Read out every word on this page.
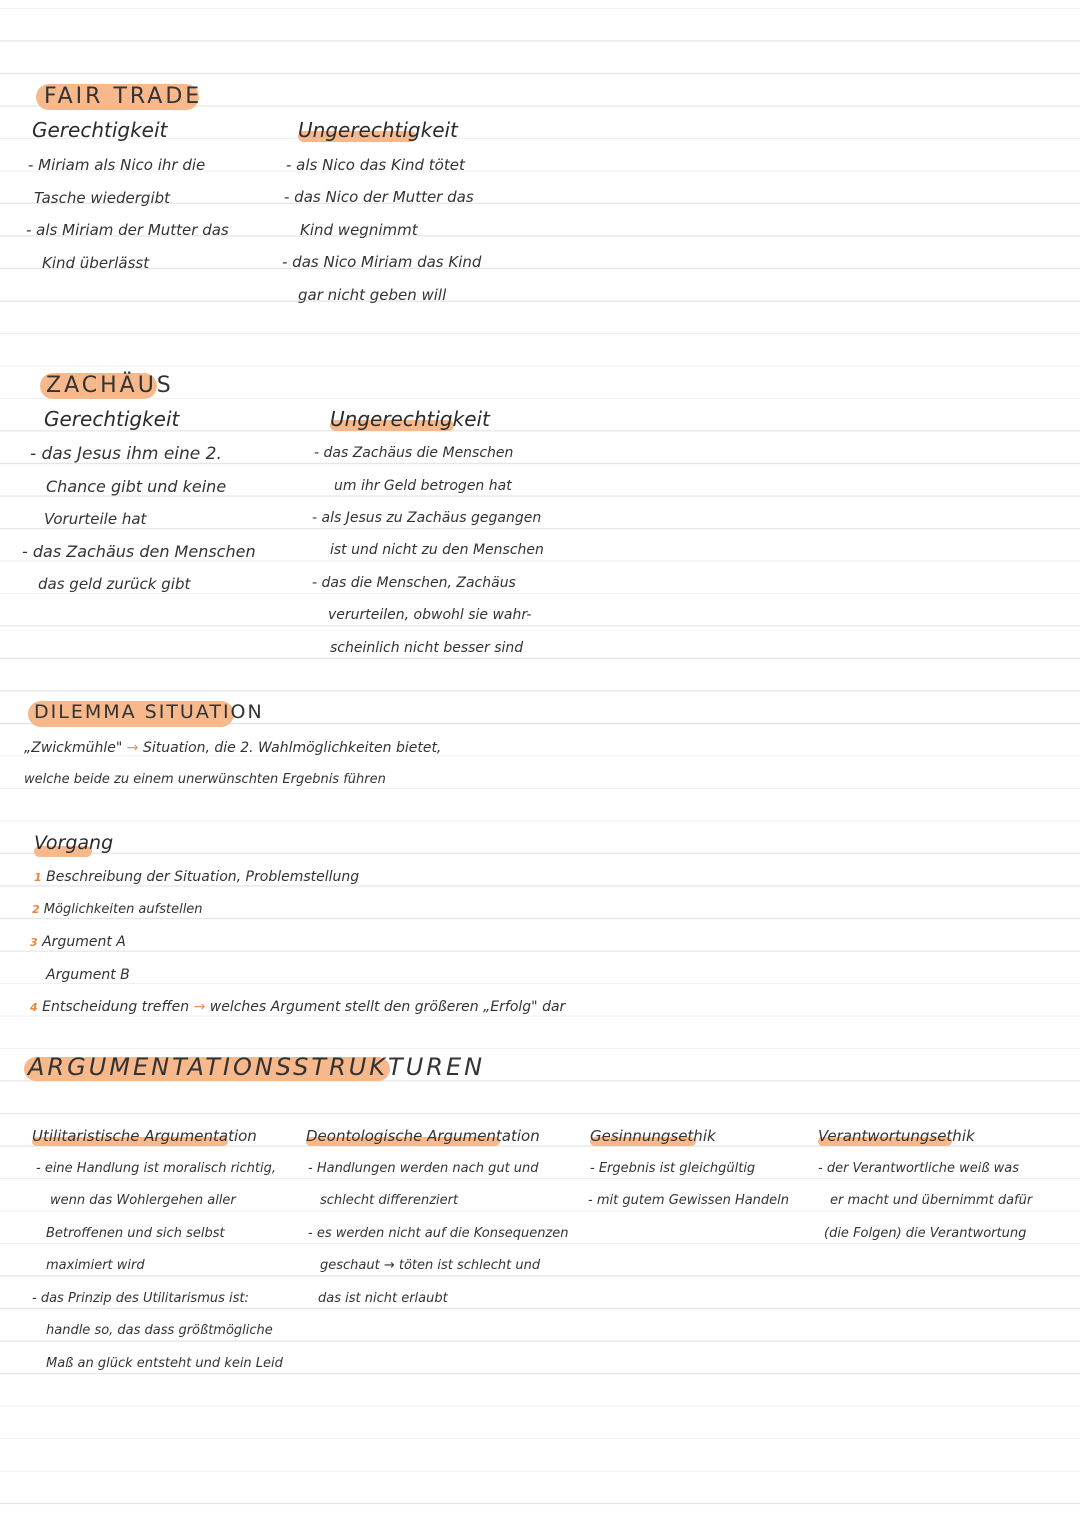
FAIR TRADE
Gerechtigkeit
- Miriam als Nico ihr die
Tasche wiedergibt
- als Miriam der Mutter das
Kind überlässt
Ungerechtigkeit
- als Nico das Kind tötet
- das Nico der Mutter das
Kind wegnimmt
- das Nico Miriam das Kind
gar nicht geben will
ZACHÄUS
Gerechtigkeit
- das Jesus ihm eine 2.
Chance gibt und keine
Vorurteile hat
- das Zachäus den Menschen
das geld zurück gibt
Ungerechtigkeit
- das Zachäus die Menschen
um ihr Geld betrogen hat
- als Jesus zu Zachäus gegangen
ist und nicht zu den Menschen
- das die Menschen, Zachäus
verurteilen, obwohl sie wahr-
scheinlich nicht besser sind
DILEMMA SITUATION
„Zwickmühle" → Situation, die 2. Wahlmöglichkeiten bietet,
welche beide zu einem unerwünschten Ergebnis führen
Vorgang
1 Beschreibung der Situation, Problemstellung
2 Möglichkeiten aufstellen
3 Argument A
Argument B
4 Entscheidung treffen → welches Argument stellt den größeren „Erfolg" dar
ARGUMENTATIONSSTRUKTUREN
Utilitaristische Argumentation
- eine Handlung ist moralisch richtig,
wenn das Wohlergehen aller
Betroffenen und sich selbst
maximiert wird
- das Prinzip des Utilitarismus ist:
handle so, das dass größtmögliche
Maß an glück entsteht und kein Leid
Deontologische Argumentation
- Handlungen werden nach gut und
schlecht differenziert
- es werden nicht auf die Konsequenzen
geschaut → töten ist schlecht und
das ist nicht erlaubt
Gesinnungsethik
- Ergebnis ist gleichgültig
- mit gutem Gewissen Handeln
Verantwortungsethik
- der Verantwortliche weiß was
er macht und übernimmt dafür
(die Folgen) die Verantwortung
